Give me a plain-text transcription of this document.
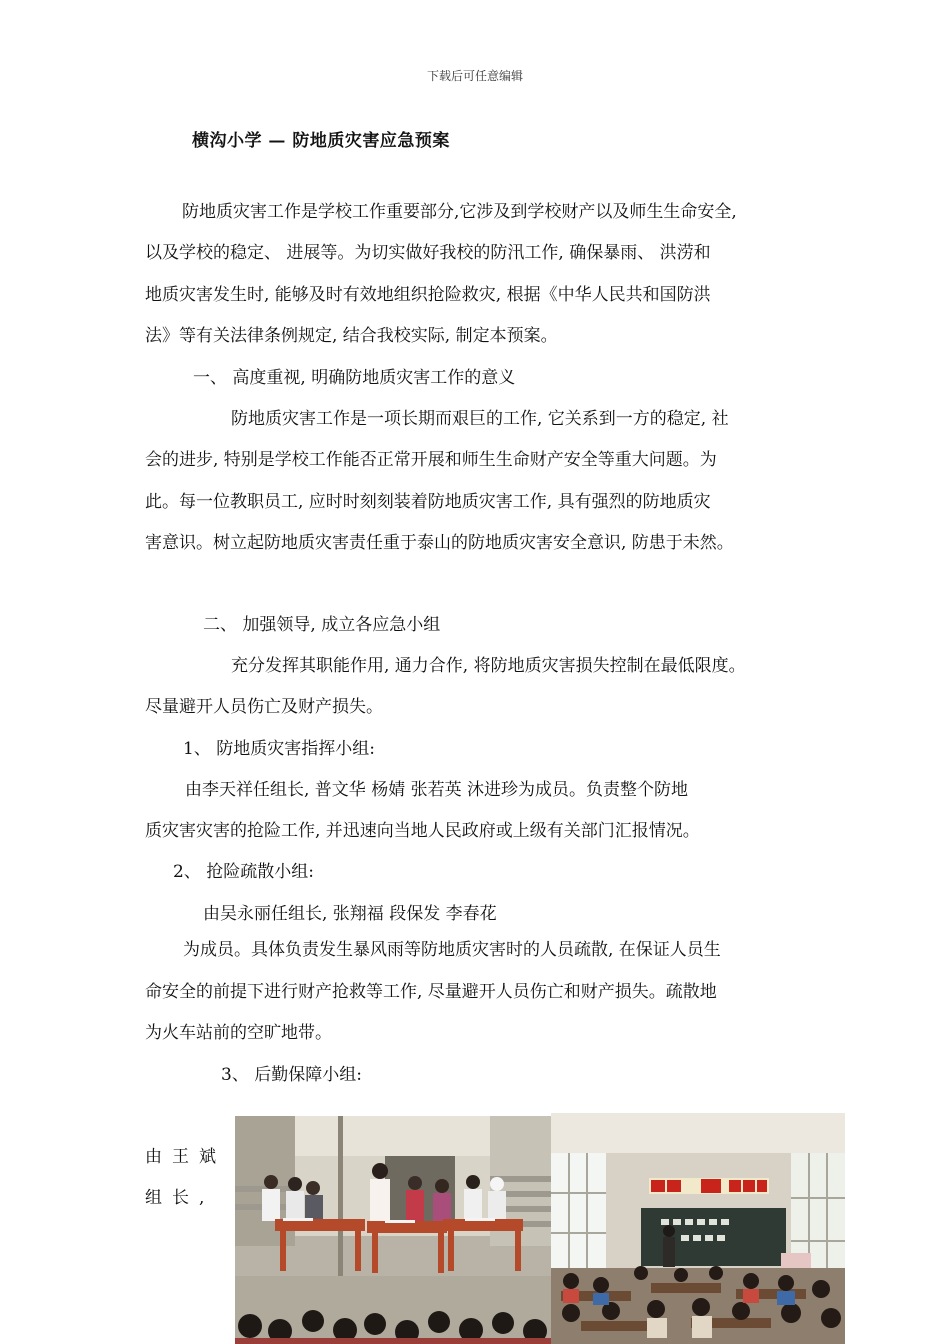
下载后可任意编辑
横沟小学 — 防地质灾害应急预案
防地质灾害工作是学校工作重要部分,它涉及到学校财产以及师生生命安全,
以及学校的稳定、 进展等。为切实做好我校的防汛工作, 确保暴雨、 洪涝和
地质灾害发生时, 能够及时有效地组织抢险救灾, 根据《中华人民共和国防洪
法》等有关法律条例规定, 结合我校实际, 制定本预案。
一、 高度重视, 明确防地质灾害工作的意义
防地质灾害工作是一项长期而艰巨的工作, 它关系到一方的稳定, 社
会的进步, 特别是学校工作能否正常开展和师生生命财产安全等重大问题。为
此。每一位教职员工, 应时时刻刻装着防地质灾害工作, 具有强烈的防地质灾
害意识。树立起防地质灾害责任重于泰山的防地质灾害安全意识, 防患于未然。
二、 加强领导, 成立各应急小组
充分发挥其职能作用, 通力合作, 将防地质灾害损失控制在最低限度。
尽量避开人员伤亡及财产损失。
1、 防地质灾害指挥小组:
由李天祥任组长, 普文华 杨婧 张若英 沐进珍为成员。负责整个防地
质灾害灾害的抢险工作, 并迅速向当地人民政府或上级有关部门汇报情况。
2、 抢险疏散小组:
由吴永丽任组长, 张翔福 段保发 李春花
为成员。具体负责发生暴风雨等防地质灾害时的人员疏散, 在保证人员生
命安全的前提下进行财产抢救等工作, 尽量避开人员伤亡和财产损失。疏散地
为火车站前的空旷地带。
3、 后勤保障小组:
由王斌
组长,
